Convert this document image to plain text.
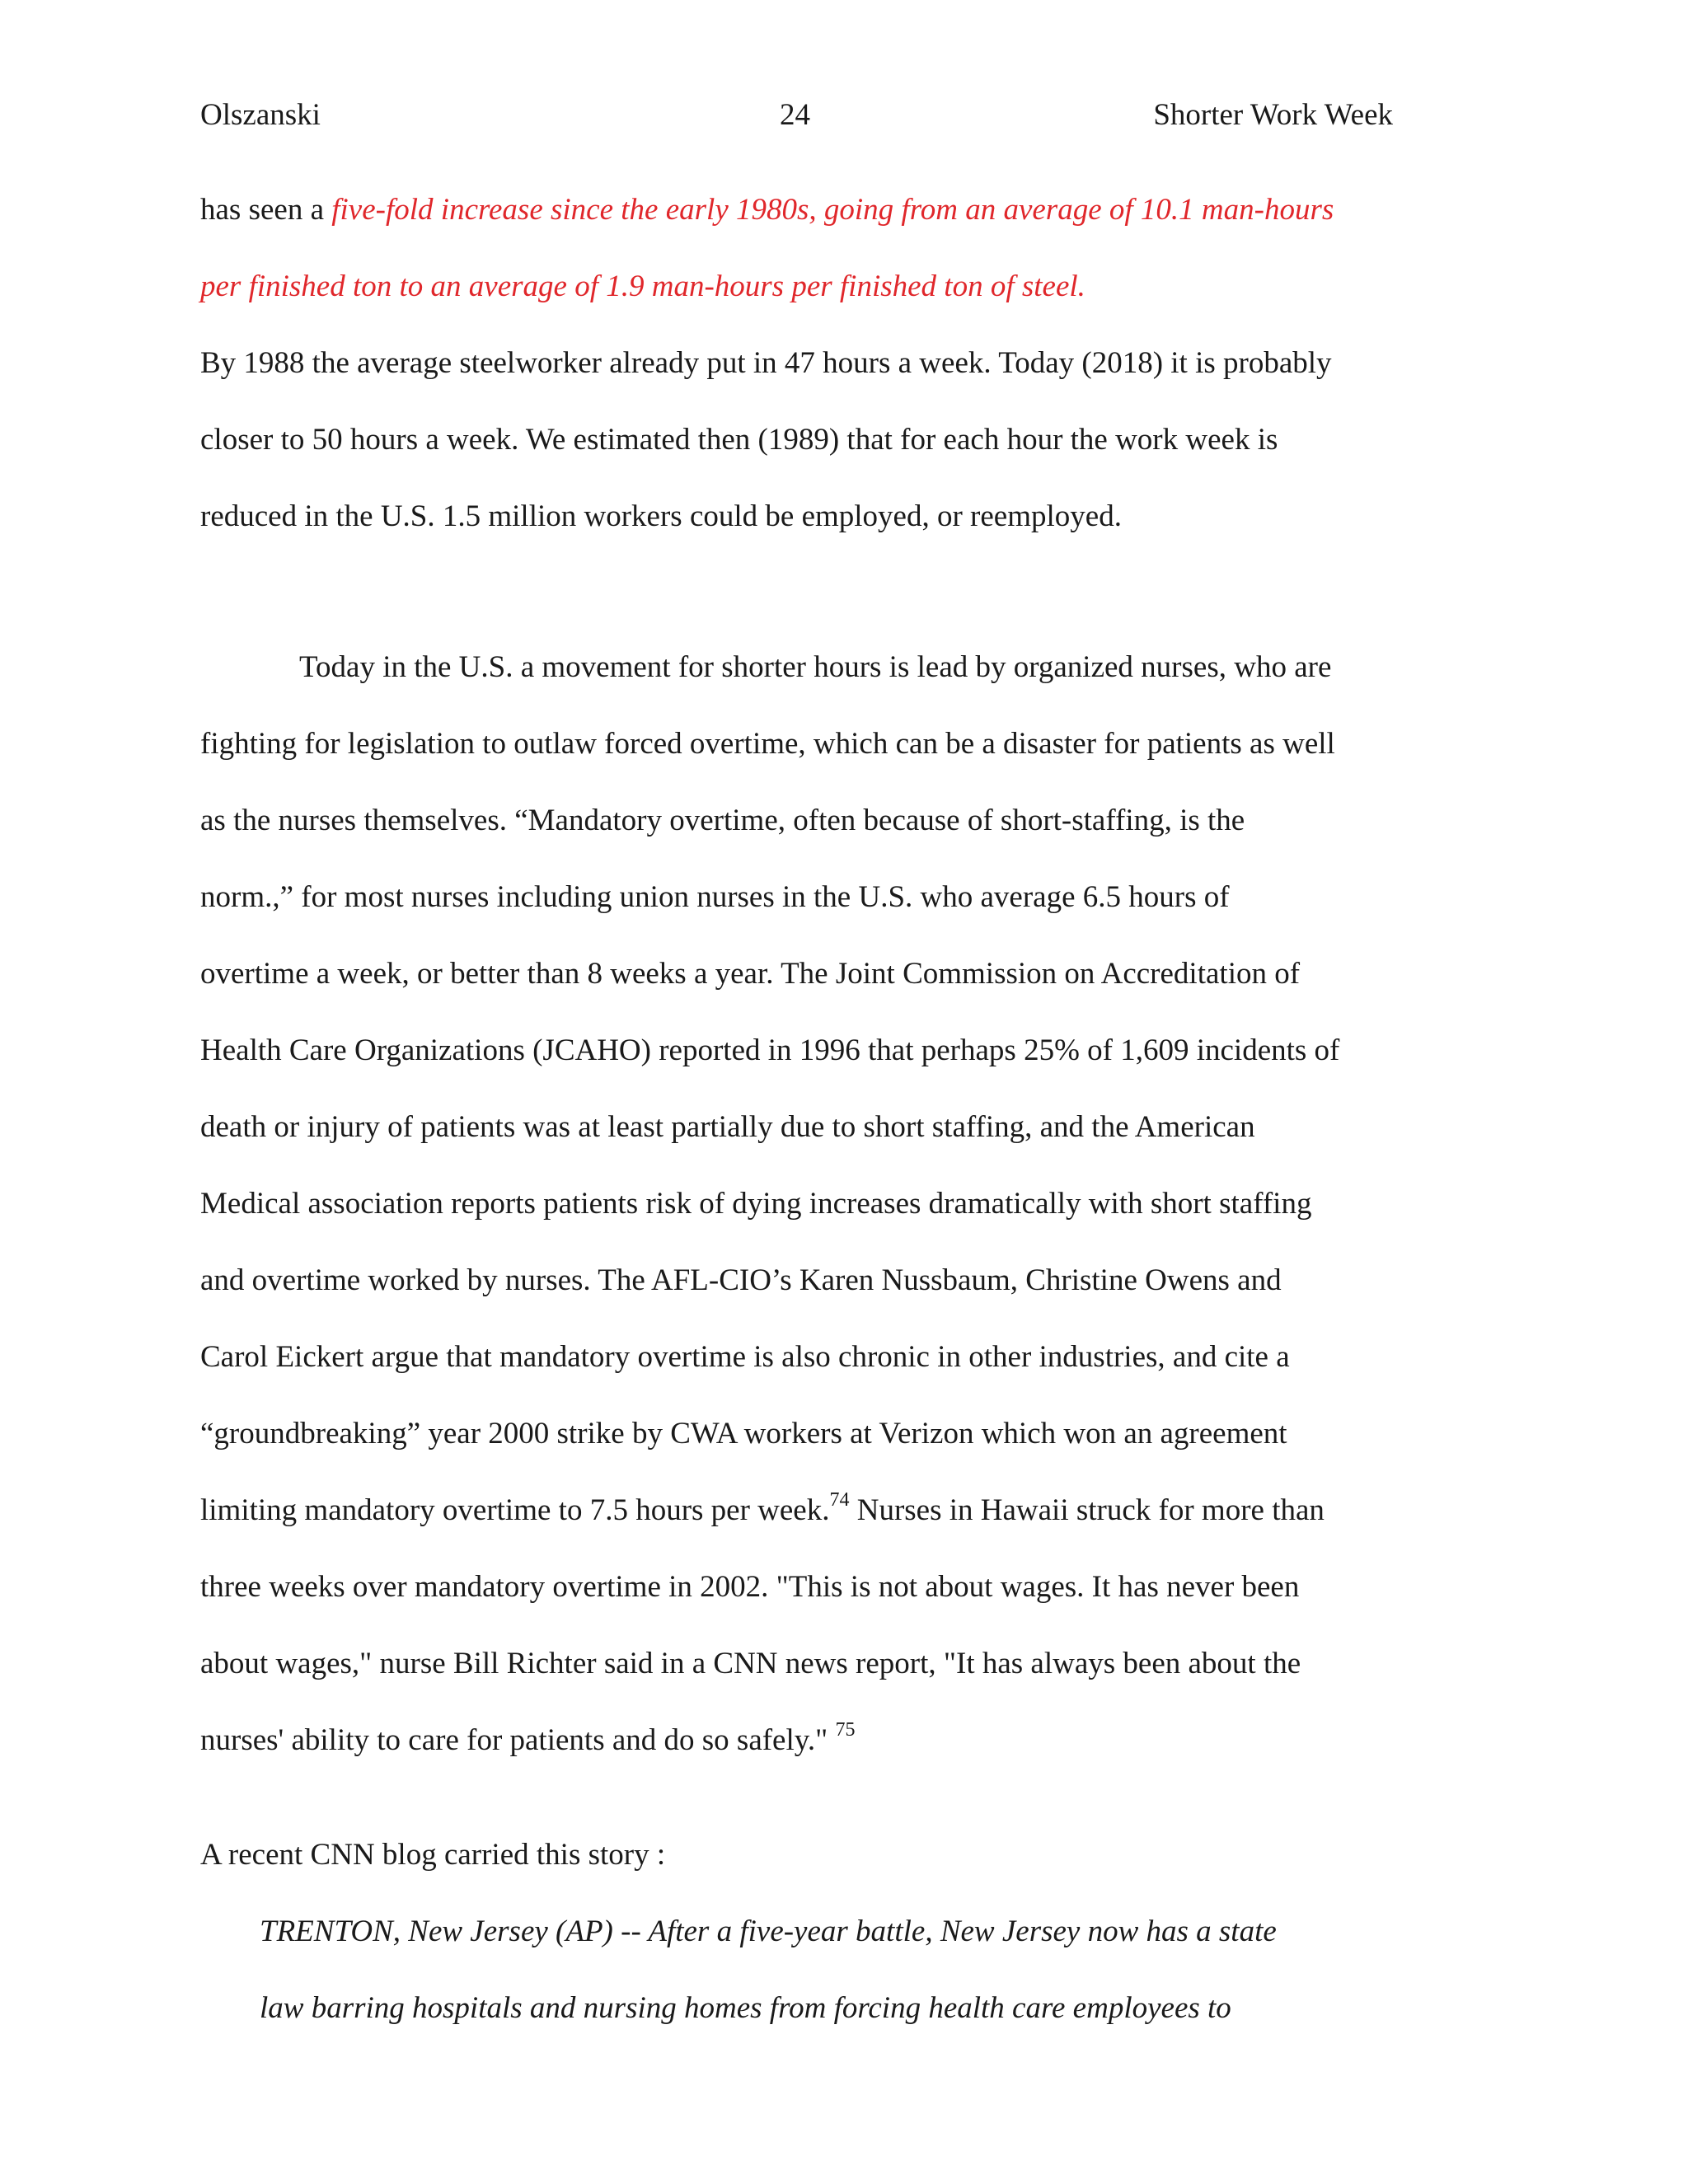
Olszanski	24	Shorter Work Week
has seen a five-fold increase since the early 1980s, going from an average of 10.1 man-hours
per finished ton to an average of 1.9 man-hours per finished ton of steel.
By 1988 the average steelworker already put in 47 hours a week. Today (2018) it is probably
closer to 50 hours a week. We estimated then (1989) that for each hour the work week is
reduced in the U.S. 1.5 million workers could be employed, or reemployed.
Today in the U.S. a movement for shorter hours is lead by organized nurses, who are
fighting for legislation to outlaw forced overtime, which can be a disaster for patients as well
as the nurses themselves. “Mandatory overtime, often because of short-staffing, is the
norm.,” for most nurses including union nurses in the U.S. who average 6.5 hours of
overtime a week, or better than 8 weeks a year. The Joint Commission on Accreditation of
Health Care Organizations (JCAHO) reported in 1996 that perhaps 25% of 1,609 incidents of
death or injury of patients was at least partially due to short staffing, and the American
Medical association reports patients risk of dying increases dramatically with short staffing
and overtime worked by nurses. The AFL-CIO’s Karen Nussbaum, Christine Owens and
Carol Eickert argue that mandatory overtime is also chronic in other industries, and cite a
“groundbreaking” year 2000 strike by CWA workers at Verizon which won an agreement
limiting mandatory overtime to 7.5 hours per week.$^{74}$ Nurses in Hawaii struck for more than
three weeks over mandatory overtime in 2002. "This is not about wages. It has never been
about wages," nurse Bill Richter said in a CNN news report, "It has always been about the
nurses' ability to care for patients and do so safely." $^{75}$
A recent CNN blog carried this story :
TRENTON, New Jersey (AP) -- After a five-year battle, New Jersey now has a state
law barring hospitals and nursing homes from forcing health care employees to
